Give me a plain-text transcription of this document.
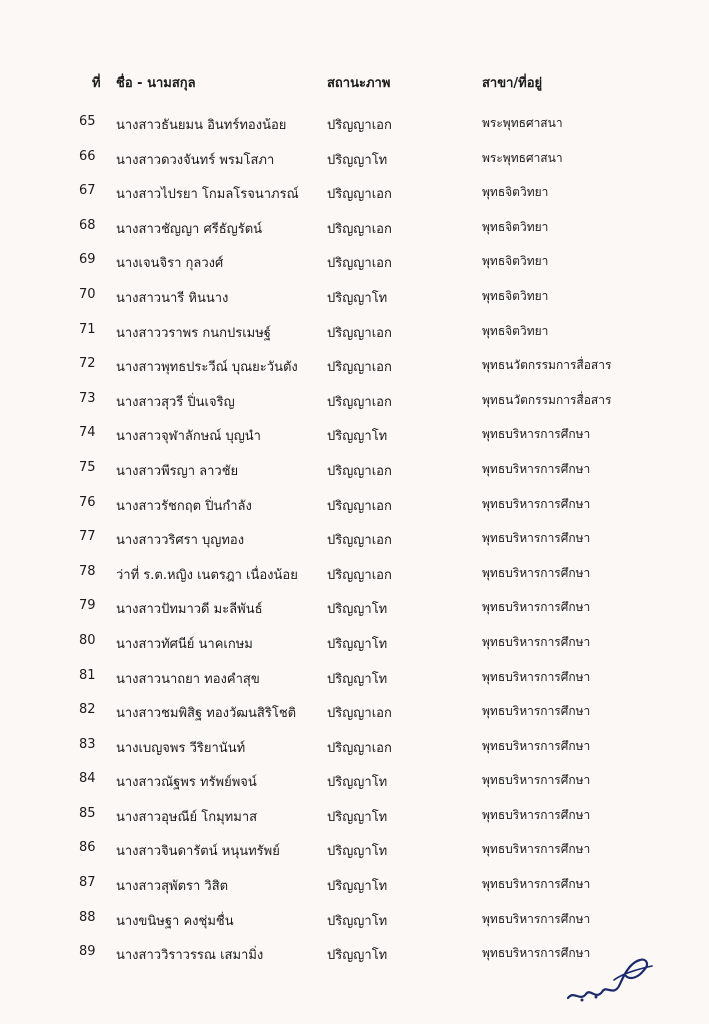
ที่ ชื่อ - นามสกุล	สถานะภาพ	สาขา/ที่อยู่
65 นางสาวธันยมน อินทร์ทองน้อย	ปริญญาเอก	พระพุทธศาสนา
66 นางสาวดวงจันทร์ พรมโสภา	ปริญญาโท	พระพุทธศาสนา
67 นางสาวไปรยา โกมลโรจนาภรณ์ ปริญญาเอก	พุทธจิตวิทยา
68 นางสาวชัญญา ศรีธัญรัตน์	ปริญญาเอก	พุทธจิตวิทยา
69 นางเจนจิรา กุลวงศ์	ปริญญาเอก	พุทธจิตวิทยา
70 นางสาวนารี หินนาง	ปริญญาโท	พุทธจิตวิทยา
71 นางสาววราพร กนกปรเมษฐ์	ปริญญาเอก	พุทธจิตวิทยา
72 นางสาวพุทธประวีณ์ บุณยะวันตัง ปริญญาเอก	พุทธนวัตกรรมการสื่อสาร
73 นางสาวสุวรี ปิ่นเจริญ	ปริญญาเอก	พุทธนวัตกรรมการสื่อสาร
74 นางสาวจุฬาลักษณ์ บุญนำ	ปริญญาโท	พุทธบริหารการศึกษา
75 นางสาวพีรญา ลาวชัย	ปริญญาเอก	พุทธบริหารการศึกษา
76 นางสาวรัชกฤต ปิ่นกำลัง	ปริญญาเอก	พุทธบริหารการศึกษา
77 นางสาววริศรา บุญทอง	ปริญญาเอก	พุทธบริหารการศึกษา
78 ว่าที่ ร.ต.หญิง เนตรฎา เนื่องน้อย ปริญญาเอก	พุทธบริหารการศึกษา
79 นางสาวปัทมาวดี มะลีพันธ์	ปริญญาโท	พุทธบริหารการศึกษา
80 นางสาวทัศนีย์ นาคเกษม	ปริญญาโท	พุทธบริหารการศึกษา
81 นางสาวนาถยา ทองคำสุข	ปริญญาโท	พุทธบริหารการศึกษา
82 นางสาวชมพิสิฐ ทองวัฒนสิริโชติ ปริญญาเอก	พุทธบริหารการศึกษา
83 นางเบญจพร วีริยานันท์	ปริญญาเอก	พุทธบริหารการศึกษา
84 นางสาวณัฐพร ทรัพย์พจน์	ปริญญาโท	พุทธบริหารการศึกษา
85 นางสาวอุษณีย์ โกมุทมาส	ปริญญาโท	พุทธบริหารการศึกษา
86 นางสาวจินดารัตน์ หนุนทรัพย์	ปริญญาโท	พุทธบริหารการศึกษา
87 นางสาวสุพัตรา วิสิต	ปริญญาโท	พุทธบริหารการศึกษา
88 นางขนิษฐา คงชุ่มชื่น	ปริญญาโท	พุทธบริหารการศึกษา
89 นางสาววิราวรรณ เสมามิ่ง	ปริญญาโท	พุทธบริหารการศึกษา
